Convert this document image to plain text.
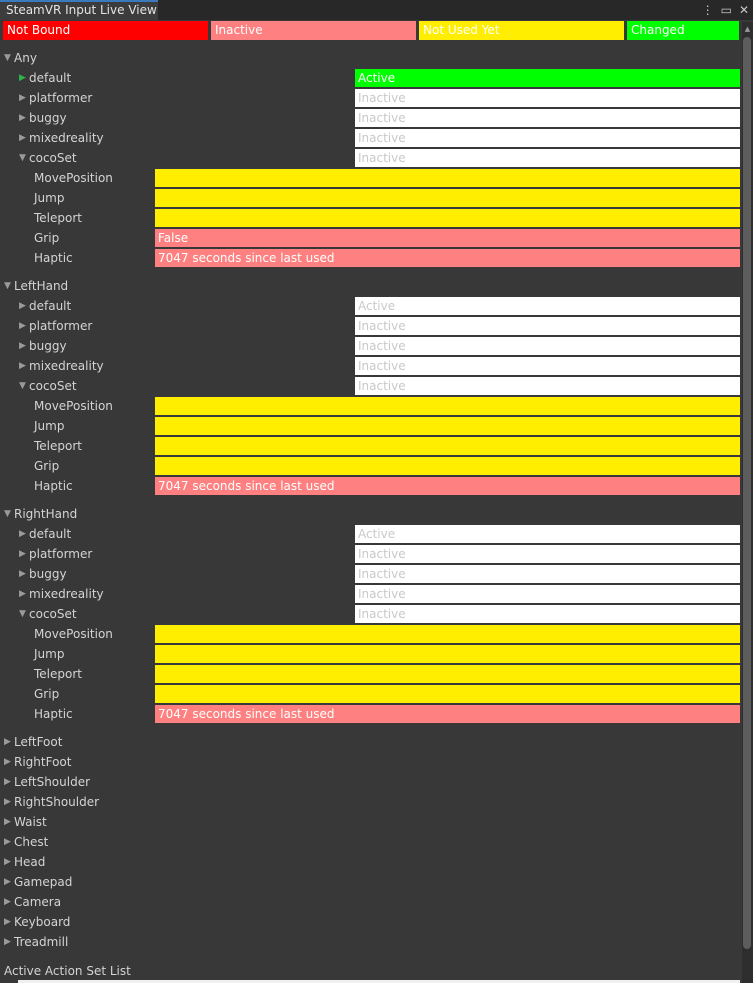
SteamVR Input Live View	⋮ ▭ ✕
Not Bound	Inactive	Not Used Yet	Changed
▼ Any
▶ default	Active
▶ platformer	Inactive
▶ buggy	Inactive
▶ mixedreality	Inactive
▼ cocoSet	Inactive
MovePosition
Jump
Teleport
Grip	False
Haptic	7047 seconds since last used
▼ LeftHand
▶ default	Active
▶ platformer	Inactive
▶ buggy	Inactive
▶ mixedreality	Inactive
▼ cocoSet	Inactive
MovePosition
Jump
Teleport
Grip
Haptic	7047 seconds since last used
▼ RightHand
▶ default	Active
▶ platformer	Inactive
▶ buggy	Inactive
▶ mixedreality	Inactive
▼ cocoSet	Inactive
MovePosition
Jump
Teleport
Grip
Haptic	7047 seconds since last used
▶ LeftFoot
▶ RightFoot
▶ LeftShoulder
▶ RightShoulder
▶ Waist
▶ Chest
▶ Head
▶ Gamepad
▶ Camera
▶ Keyboard
▶ Treadmill
▲
Active Action Set List
